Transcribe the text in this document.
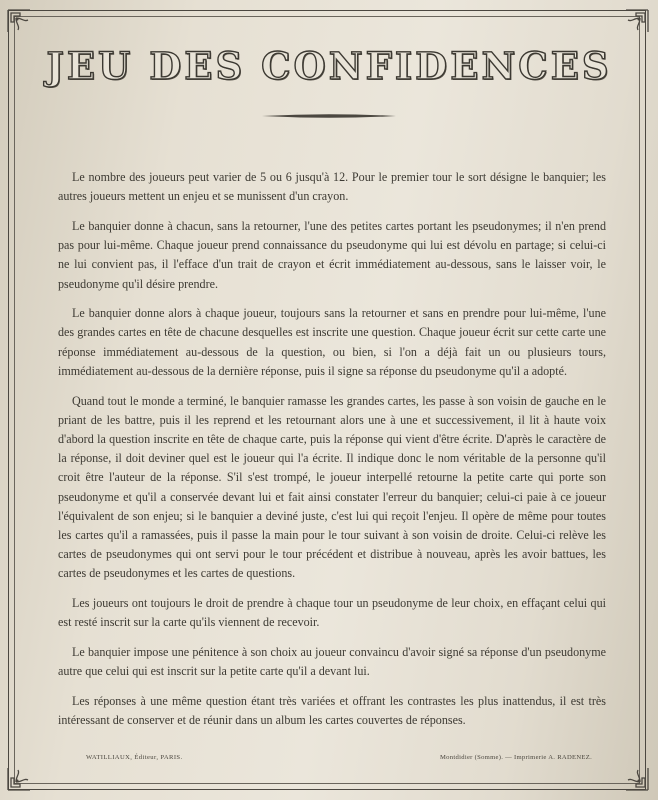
JEU DES CONFIDENCES

Le nombre des joueurs peut varier de 5 ou 6 jusqu'à 12. Pour le premier tour le sort désigne le banquier; les autres joueurs mettent un enjeu et se munissent d'un crayon.

Le banquier donne à chacun, sans la retourner, l'une des petites cartes portant les pseudonymes; il n'en prend pas pour lui-même. Chaque joueur prend connaissance du pseudonyme qui lui est dévolu en partage; si celui-ci ne lui convient pas, il l'efface d'un trait de crayon et écrit immédiatement au-dessous, sans le laisser voir, le pseudonyme qu'il désire prendre.

Le banquier donne alors à chaque joueur, toujours sans la retourner et sans en prendre pour lui-même, l'une des grandes cartes en tête de chacune desquelles est inscrite une question. Chaque joueur écrit sur cette carte une réponse immédiatement au-dessous de la question, ou bien, si l'on a déjà fait un ou plusieurs tours, immédiatement au-dessous de la dernière réponse, puis il signe sa réponse du pseudonyme qu'il a adopté.

Quand tout le monde a terminé, le banquier ramasse les grandes cartes, les passe à son voisin de gauche en le priant de les battre, puis il les reprend et les retournant alors une à une et successivement, il lit à haute voix d'abord la question inscrite en tête de chaque carte, puis la réponse qui vient d'être écrite. D'après le caractère de la réponse, il doit deviner quel est le joueur qui l'a écrite. Il indique donc le nom véritable de la personne qu'il croit être l'auteur de la réponse. S'il s'est trompé, le joueur interpellé retourne la petite carte qui porte son pseudonyme et qu'il a conservée devant lui et fait ainsi constater l'erreur du banquier; celui-ci paie à ce joueur l'équivalent de son enjeu; si le banquier a deviné juste, c'est lui qui reçoit l'enjeu. Il opère de même pour toutes les cartes qu'il a ramassées, puis il passe la main pour le tour suivant à son voisin de droite. Celui-ci relève les cartes de pseudonymes qui ont servi pour le tour précédent et distribue à nouveau, après les avoir battues, les cartes de pseudonymes et les cartes de questions.

Les joueurs ont toujours le droit de prendre à chaque tour un pseudonyme de leur choix, en effaçant celui qui est resté inscrit sur la carte qu'ils viennent de recevoir.

Le banquier impose une pénitence à son choix au joueur convaincu d'avoir signé sa réponse d'un pseudonyme autre que celui qui est inscrit sur la petite carte qu'il a devant lui.

Les réponses à une même question étant très variées et offrant les contrastes les plus inattendus, il est très intéressant de conserver et de réunir dans un album les cartes couvertes de réponses.

WATILLIAUX, Éditeur, PARIS.	Montdidier (Somme). — Imprimerie A. RADENEZ.
